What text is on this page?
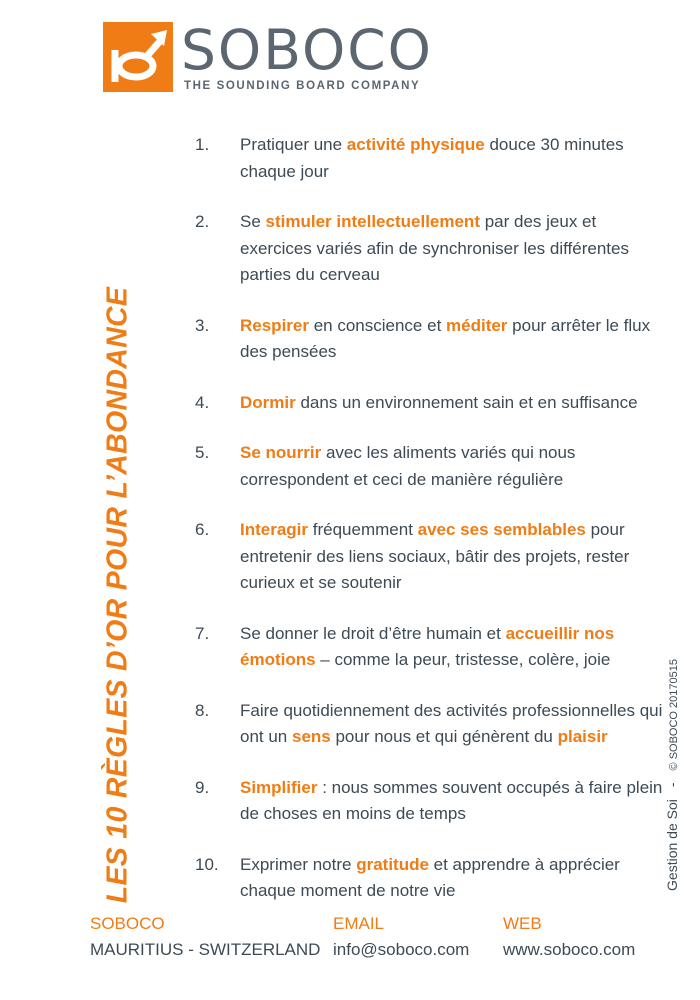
SOBOCO
THE SOUNDING BOARD COMPANY
LES 10 RÈGLES D’OR POUR L’ABONDANCE	Gestion de Soi-© SOBOCO 20170515
1. Pratiquer une activité physique douce 30 minutes chaque jour
2. Se stimuler intellectuellement par des jeux et exercices variés afin de synchroniser les différentes parties du cerveau
3. Respirer en conscience et méditer pour arrêter le flux des pensées
4. Dormir dans un environnement sain et en suffisance
5. Se nourrir avec les aliments variés qui nous correspondent et ceci de manière régulière
6. Interagir fréquemment avec ses semblables pour entretenir des liens sociaux, bâtir des projets, rester curieux et se soutenir
7. Se donner le droit d’être humain et accueillir nos émotions – comme la peur, tristesse, colère, joie
8. Faire quotidiennement des activités professionnelles qui ont un sens pour nous et qui génèrent du plaisir
9. Simplifier : nous sommes souvent occupés à faire plein de choses en moins de temps
10. Exprimer notre gratitude et apprendre à apprécier chaque moment de notre vie
SOBOCO
MAURITIUS - SWITZERLAND
EMAIL
info@soboco.com
WEB
www.soboco.com
